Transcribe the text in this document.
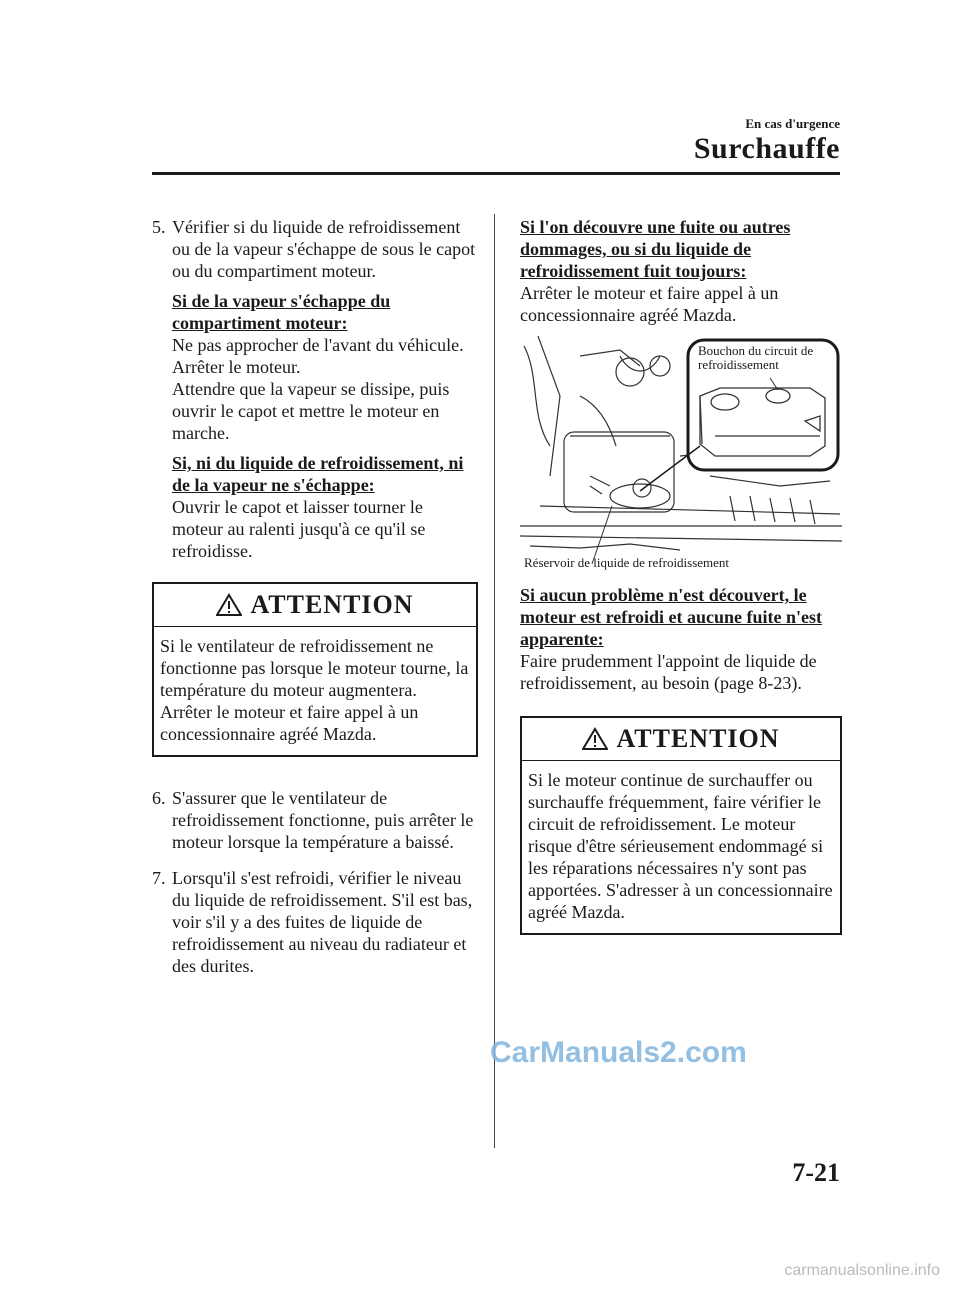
En cas d'urgence
Surchauffe
5. Vérifier si du liquide de refroidissement ou de la vapeur s'échappe de sous le capot ou du compartiment moteur.

Si de la vapeur s'échappe du compartiment moteur:

Ne pas approcher de l'avant du véhicule. Arrêter le moteur.

Attendre que la vapeur se dissipe, puis ouvrir le capot et mettre le moteur en marche.

Si, ni du liquide de refroidissement, ni de la vapeur ne s'échappe:

Ouvrir le capot et laisser tourner le moteur au ralenti jusqu'à ce qu'il se refroidisse.

ATTENTION
Si le ventilateur de refroidissement ne fonctionne pas lorsque le moteur tourne, la température du moteur augmentera. Arrêter le moteur et faire appel à un concessionnaire agréé Mazda.
6. S'assurer que le ventilateur de refroidissement fonctionne, puis arrêter le moteur lorsque la température a baissé.

7. Lorsqu'il s'est refroidi, vérifier le niveau du liquide de refroidissement. S'il est bas, voir s'il y a des fuites de liquide de refroidissement au niveau du radiateur et des durites.

Si l'on découvre une fuite ou autres dommages, ou si du liquide de refroidissement fuit toujours:

Arrêter le moteur et faire appel à un concessionnaire agréé Mazda.

Bouchon du circuit de refroidissement
Réservoir de liquide de refroidissement

Si aucun problème n'est découvert, le moteur est refroidi et aucune fuite n'est apparente:

Faire prudemment l'appoint de liquide de refroidissement, au besoin (page 8-23).

ATTENTION
Si le moteur continue de surchauffer ou surchauffe fréquemment, faire vérifier le circuit de refroidissement. Le moteur risque d'être sérieusement endommagé si les réparations nécessaires n'y sont pas apportées. S'adresser à un concessionnaire agréé Mazda.
CarManuals2.com
7-21
carmanualsonline.info
